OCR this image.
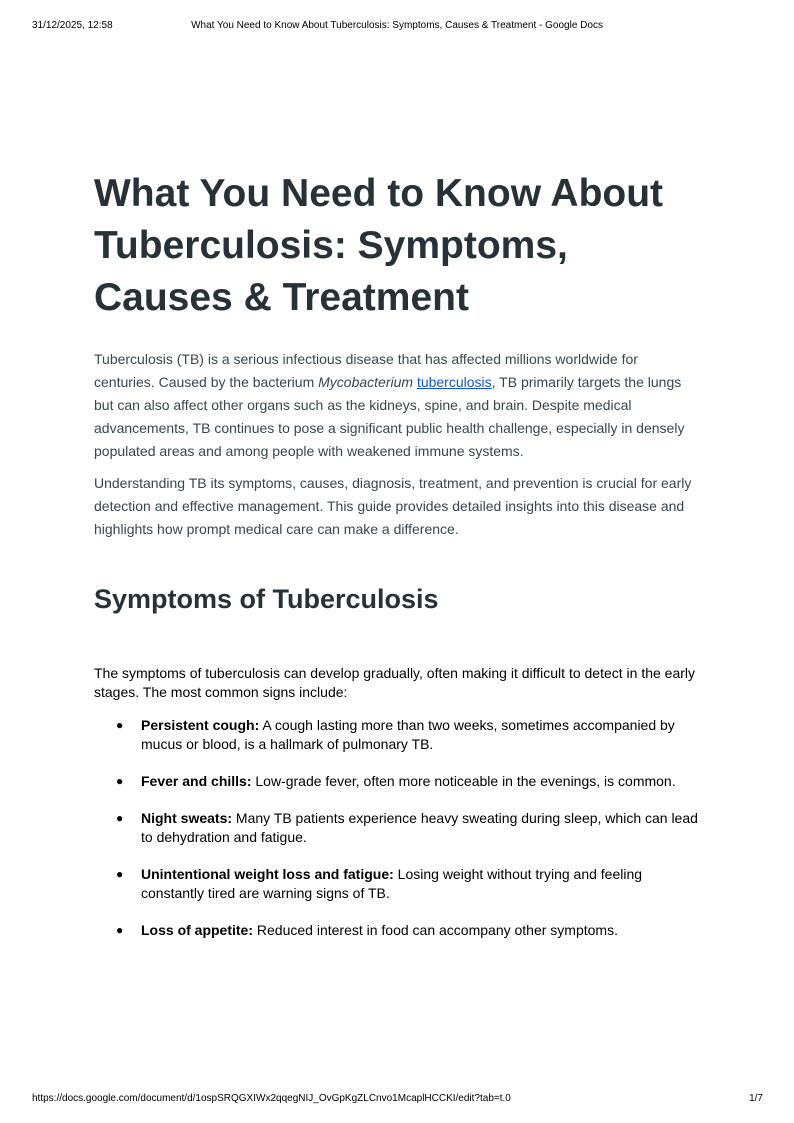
What You Need to Know About Tuberculosis: Symptoms, Causes & Treatment - Google Docs
31/12/2025, 12:58
What You Need to Know About Tuberculosis: Symptoms, Causes & Treatment

Tuberculosis (TB) is a serious infectious disease that has affected millions worldwide for centuries. Caused by the bacterium Mycobacterium tuberculosis, TB primarily targets the lungs but can also affect other organs such as the kidneys, spine, and brain. Despite medical advancements, TB continues to pose a significant public health challenge, especially in densely populated areas and among people with weakened immune systems.

Understanding TB its symptoms, causes, diagnosis, treatment, and prevention is crucial for early detection and effective management. This guide provides detailed insights into this disease and highlights how prompt medical care can make a difference.

Symptoms of Tuberculosis

The symptoms of tuberculosis can develop gradually, often making it difficult to detect in the early stages. The most common signs include:

● Persistent cough: A cough lasting more than two weeks, sometimes accompanied by mucus or blood, is a hallmark of pulmonary TB.
● Fever and chills: Low-grade fever, often more noticeable in the evenings, is common.
● Night sweats: Many TB patients experience heavy sweating during sleep, which can lead to dehydration and fatigue.
● Unintentional weight loss and fatigue: Losing weight without trying and feeling constantly tired are warning signs of TB.
● Loss of appetite: Reduced interest in food can accompany other symptoms.
https://docs.google.com/document/d/1ospSRQGXIWx2qqegNIJ_OvGpKgZLCnvo1McaplHCCKI/edit?tab=t.0	1/7
